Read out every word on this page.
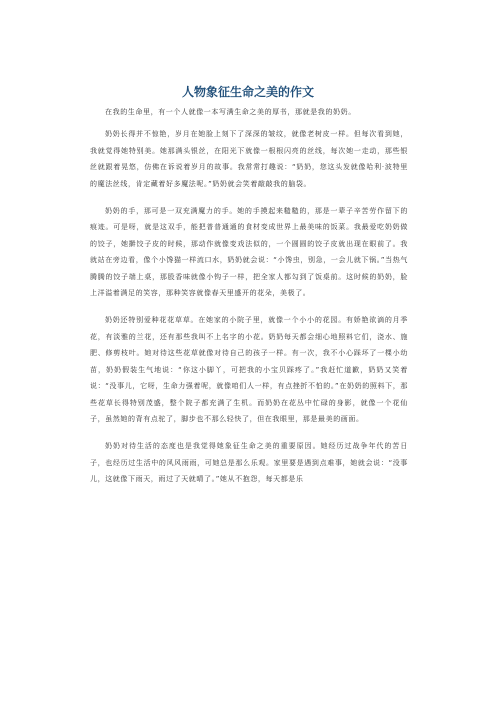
人物象征生命之美的作文

在我的生命里，有一个人就像一本写满生命之美的厚书，那就是我的奶奶。

奶奶长得并不惊艳，岁月在她脸上刻下了深深的皱纹，就像老树皮一样。但每次看到她，我就觉得她特别美。她那满头银丝，在阳光下就像一根根闪亮的丝线，每次她一走动，那些银丝就跟着晃悠，仿佛在诉说着岁月的故事。我常常打趣说：“奶奶，您这头发就像哈利·波特里的魔法丝线，肯定藏着好多魔法呢。”奶奶就会笑着敲敲我的脑袋。

奶奶的手，那可是一双充满魔力的手。她的手摸起来糙糙的，那是一辈子辛苦劳作留下的痕迹。可是呀，就是这双手，能把普普通通的食材变成世界上最美味的饭菜。我最爱吃奶奶做的饺子，她擀饺子皮的时候，那动作就像变戏法似的，一个圆圆的饺子皮就出现在眼前了。我就站在旁边看，像个小馋猫一样流口水，奶奶就会说：“小馋虫，别急，一会儿就下锅。”当热气腾腾的饺子端上桌，那股香味就像小钩子一样，把全家人都勾到了饭桌前。这时候的奶奶，脸上洋溢着满足的笑容，那种笑容就像春天里盛开的花朵，美极了。

奶奶还特别爱种花花草草。在她家的小院子里，就像一个小小的花园。有娇艳欲滴的月季花，有淡雅的兰花，还有那些我叫不上名字的小花。奶奶每天都会细心地照料它们，浇水、施肥、修剪枝叶。她对待这些花草就像对待自己的孩子一样。有一次，我不小心踩坏了一棵小幼苗，奶奶假装生气地说：“你这小脚丫，可把我的小宝贝踩疼了。”我赶忙道歉，奶奶又笑着说：“没事儿，它呀，生命力强着呢，就像咱们人一样，有点挫折不怕的。”在奶奶的照料下，那些花草长得特别茂盛，整个院子都充满了生机。而奶奶在花丛中忙碌的身影，就像一个花仙子，虽然她的背有点驼了，脚步也不那么轻快了，但在我眼里，那是最美的画面。

奶奶对待生活的态度也是我觉得她象征生命之美的重要原因。她经历过战争年代的苦日子，也经历过生活中的风风雨雨，可她总是那么乐观。家里要是遇到点难事，她就会说：“没事儿，这就像下雨天，雨过了天就晴了。”她从不抱怨，每天都是乐
